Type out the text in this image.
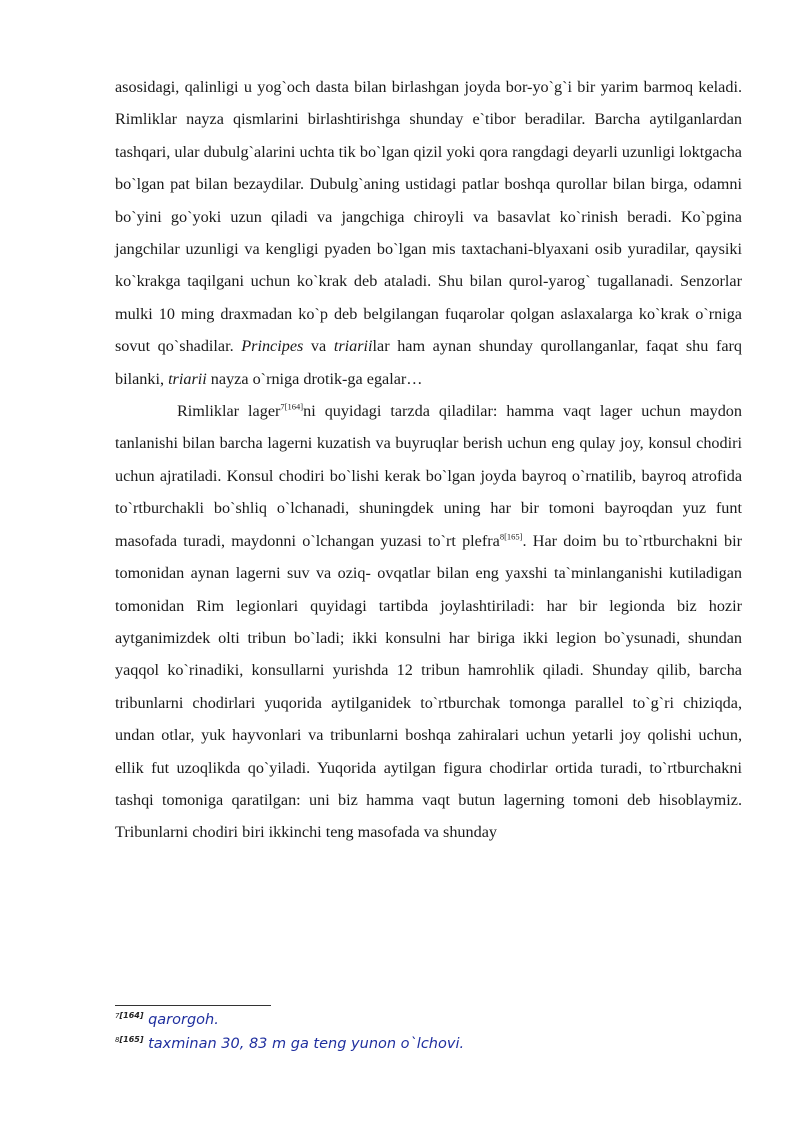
asosidagi, qalinligi u yog`och dasta bilan birlashgan joyda bor-yo`g`i bir yarim barmoq keladi. Rimliklar nayza qismlarini birlashtirishga shunday e`tibor beradilar. Barcha aytilganlardan tashqari, ular dubulg`alarini uchta tik bo`lgan qizil yoki qora rangdagi deyarli uzunligi loktgacha bo`lgan pat bilan bezaydilar. Dubulg`aning ustidagi patlar boshqa qurollar bilan birga, odamni bo`yini go`yoki uzun qiladi va jangchiga chiroyli va basavlat ko`rinish beradi. Ko`pgina jangchilar uzunligi va kengligi pyaden bo`lgan mis taxtachani-blyaxani osib yuradilar, qaysiki ko`krakga taqilgani uchun ko`krak deb ataladi. Shu bilan qurol-yarog` tugallanadi. Senzorlar mulki 10 ming draxmadan ko`p deb belgilangan fuqarolar qolgan aslaxalarga ko`krak o`rniga sovut qo`shadilar. Principes va triariilar ham aynan shunday qurollanganlar, faqat shu farq bilanki, triarii nayza o`rniga drotik-ga egalar…

Rimliklar lager$^{7[164]}$ni quyidagi tarzda qiladilar: hamma vaqt lager uchun maydon tanlanishi bilan barcha lagerni kuzatish va buyruqlar berish uchun eng qulay joy, konsul chodiri uchun ajratiladi. Konsul chodiri bo`lishi kerak bo`lgan joyda bayroq o`rnatilib, bayroq atrofida to`rtburchakli bo`shliq o`lchanadi, shuningdek uning har bir tomoni bayroqdan yuz funt masofada turadi, maydonni o`lchangan yuzasi to`rt plefra$^{8[165]}$. Har doim bu to`rtburchakni bir tomonidan aynan lagerni suv va oziq- ovqatlar bilan eng yaxshi ta`minlanganishi kutiladigan tomonidan Rim legionlari quyidagi tartibda joylashtiriladi: har bir legionda biz hozir aytganimizdek olti tribun bo`ladi; ikki konsulni har biriga ikki legion bo`ysunadi, shundan yaqqol ko`rinadiki, konsullarni yurishda 12 tribun hamrohlik qiladi. Shunday qilib, barcha tribunlarni chodirlari yuqorida aytilganidek to`rtburchak tomonga parallel to`g`ri chiziqda, undan otlar, yuk hayvonlari va tribunlarni boshqa zahiralari uchun yetarli joy qolishi uchun, ellik fut uzoqlikda qo`yiladi. Yuqorida aytilgan figura chodirlar ortida turadi, to`rtburchakni tashqi tomoniga qaratilgan: uni biz hamma vaqt butun lagerning tomoni deb hisoblaymiz. Tribunlarni chodiri biri ikkinchi teng masofada va shunday

$^{7[164]}$ qarorgoh.
$^{8[165]}$ taxminan 30, 83 m ga teng yunon o`lchovi.
